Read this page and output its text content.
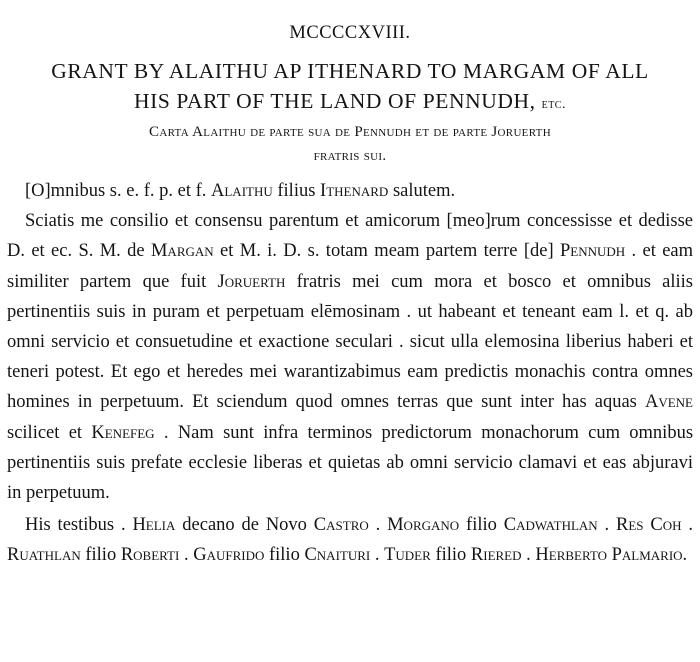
MCCCCXVIII.
GRANT BY ALAITHU AP ITHENARD TO MARGAM OF ALL
HIS PART OF THE LAND OF PENNUDH, etc.
Carta Alaithu de parte sua de Pennudh et de parte Joruerth
fratris sui.

[O]mnibus s. e. f. p. et f. Alaithu filius Ithenard salutem.

Sciatis me consilio et consensu parentum et amicorum [meo]rum concessisse et dedisse D. et ec. S. M. de Margan et M. i. D. s. totam meam partem terre [de] Pennudh . et eam similiter partem que fuit Joruerth fratris mei cum mora et bosco et omnibus aliis pertinentiis suis in puram et perpetuam elēmosinam . ut habeant et teneant eam l. et q. ab omni servicio et consuetudine et exactione seculari . sicut ulla elemosina liberius haberi et teneri potest. Et ego et heredes mei warantizabimus eam predictis monachis contra omnes homines in perpetuum. Et sciendum quod omnes terras que sunt inter has aquas Avene scilicet et Kenefeg . Nam sunt infra terminos predictorum monachorum cum omnibus pertinentiis suis prefate ecclesie liberas et quietas ab omni servicio clamavi et eas abjuravi in perpetuum.

His testibus . Helia decano de Novo Castro . Morgano filio Cadwathlan . Res Coh . Ruathlan filio Roberti . Gaufrido filio Cnaituri . Tuder filio Riered . Herberto Palmario.
